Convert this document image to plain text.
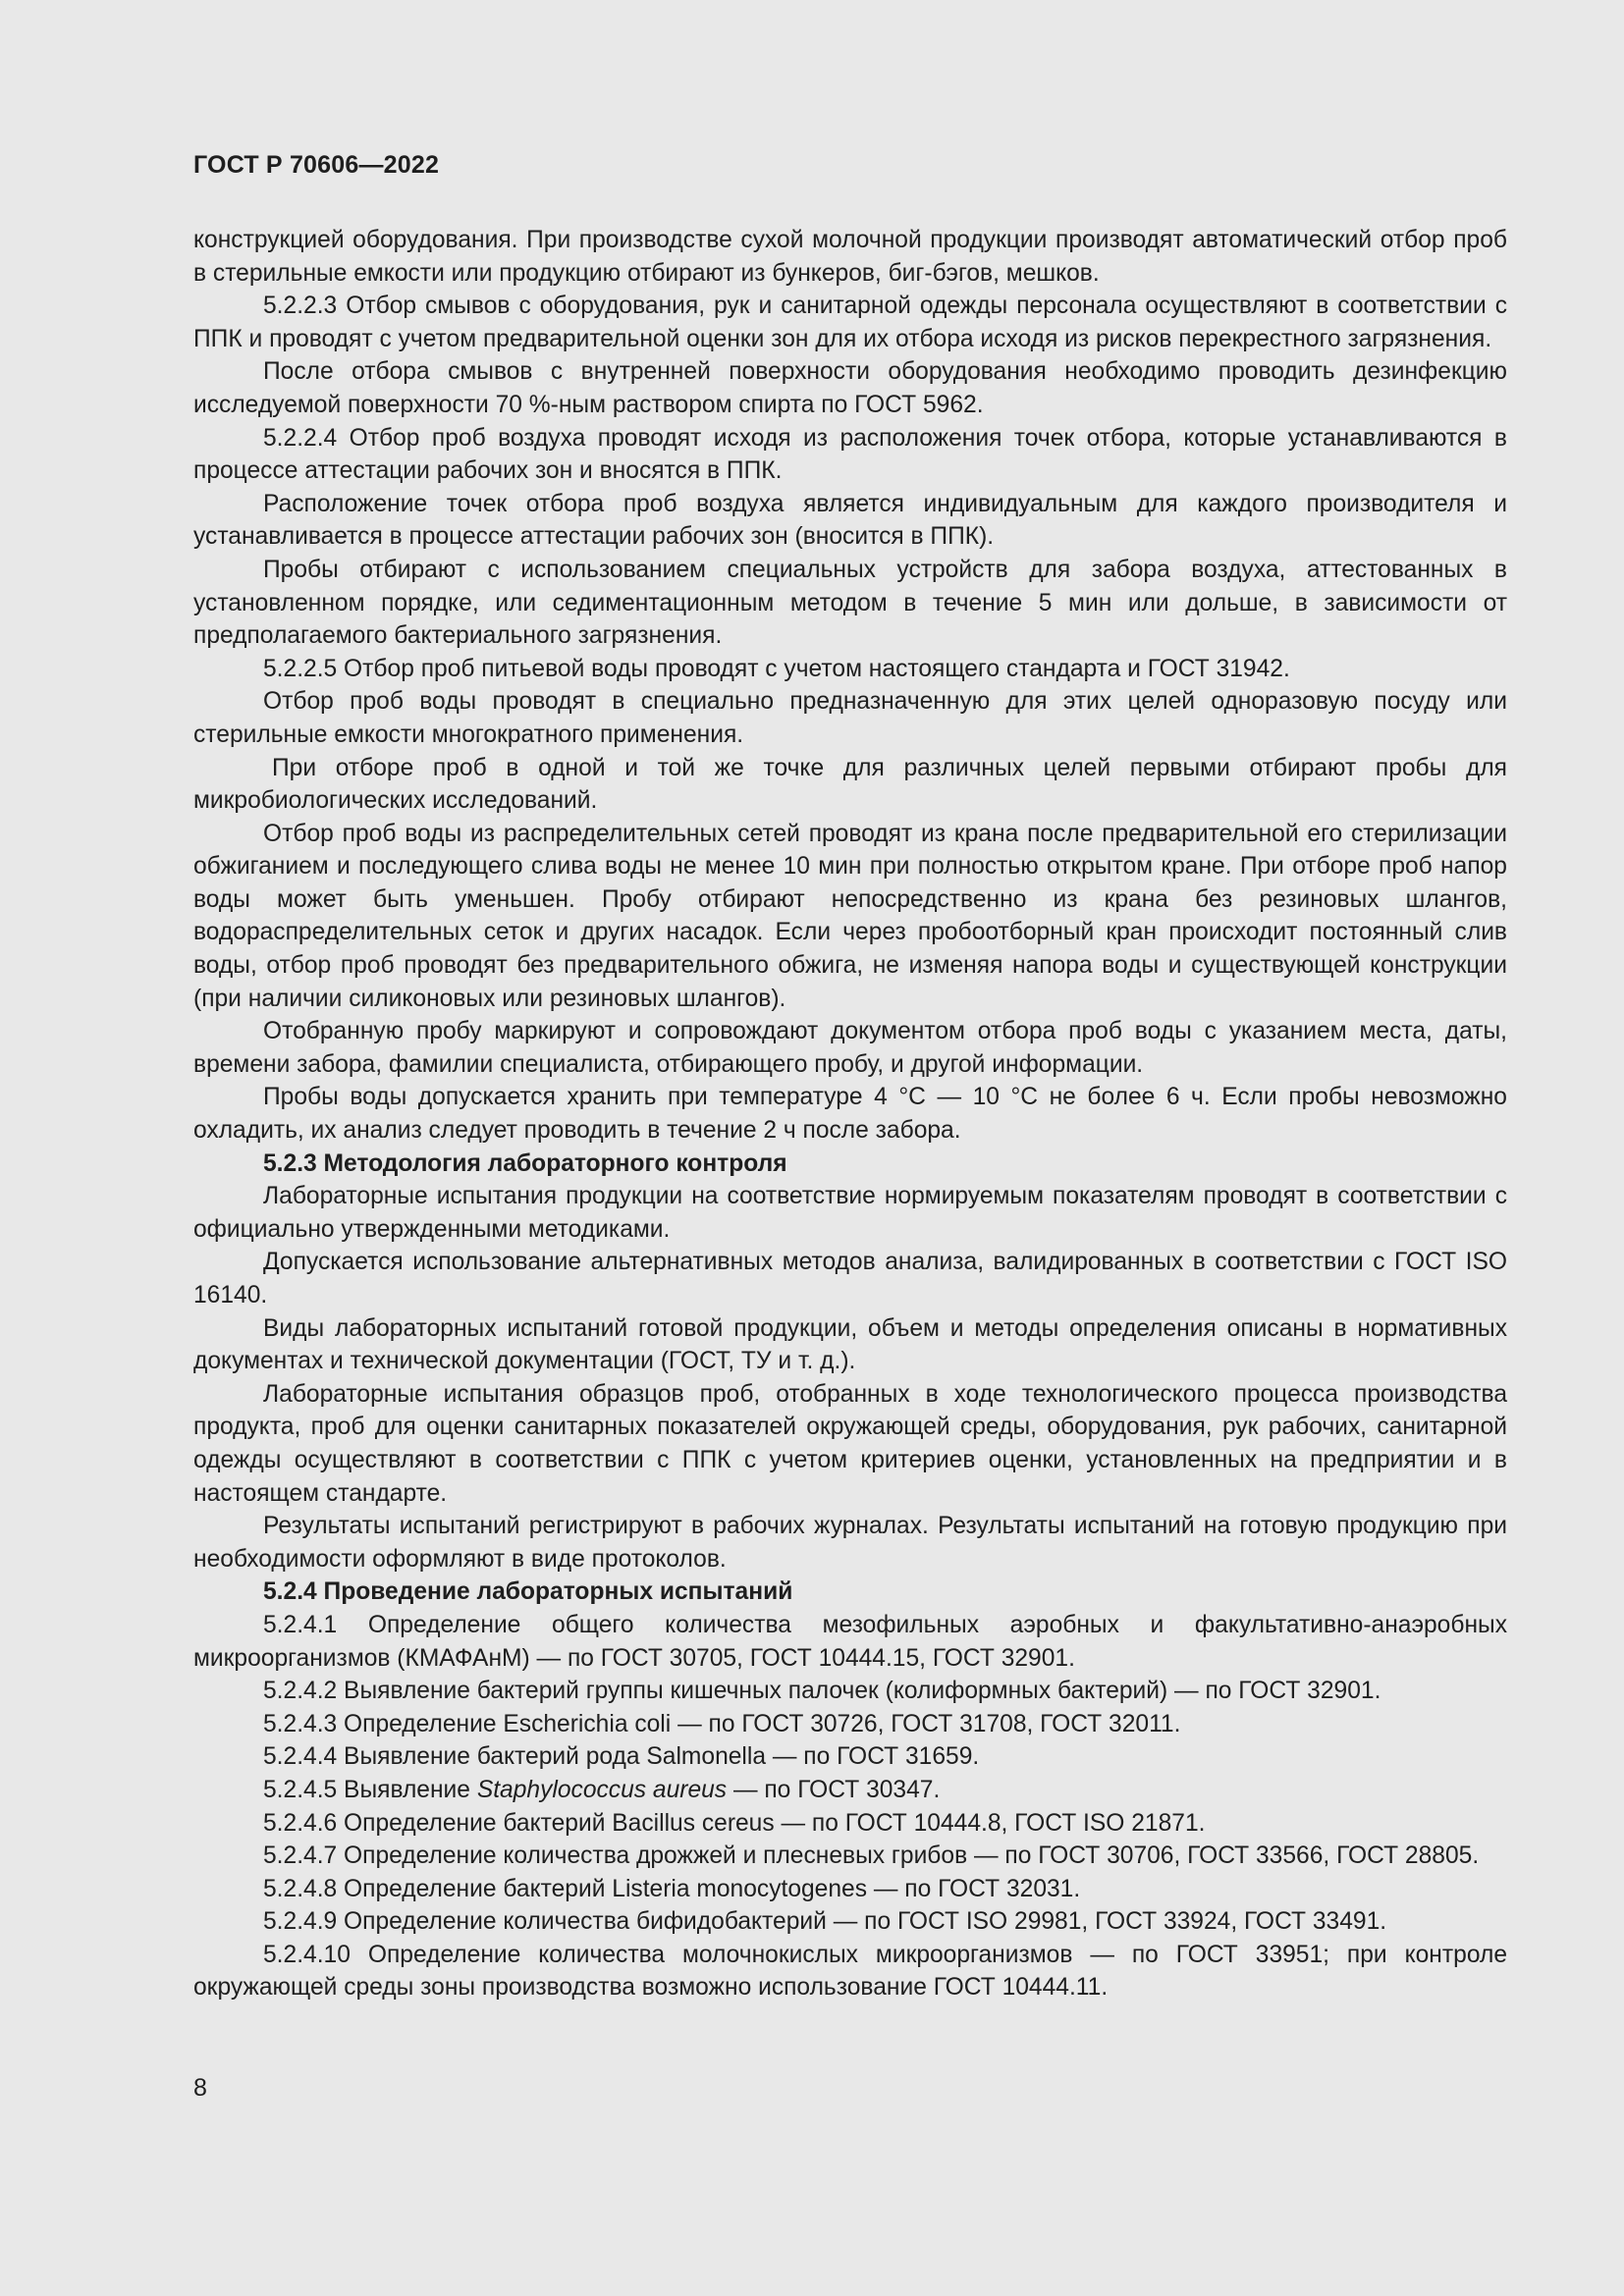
ГОСТ Р 70606—2022

конструкцией оборудования. При производстве сухой молочной продукции производят автоматический отбор проб в стерильные емкости или продукцию отбирают из бункеров, биг-бэгов, мешков.

5.2.2.3 Отбор смывов с оборудования, рук и санитарной одежды персонала осуществляют в соответствии с ППК и проводят с учетом предварительной оценки зон для их отбора исходя из рисков перекрестного загрязнения.

После отбора смывов с внутренней поверхности оборудования необходимо проводить дезинфекцию исследуемой поверхности 70 %-ным раствором спирта по ГОСТ 5962.

5.2.2.4 Отбор проб воздуха проводят исходя из расположения точек отбора, которые устанавливаются в процессе аттестации рабочих зон и вносятся в ППК.

Расположение точек отбора проб воздуха является индивидуальным для каждого производителя и устанавливается в процессе аттестации рабочих зон (вносится в ППК).

Пробы отбирают с использованием специальных устройств для забора воздуха, аттестованных в установленном порядке, или седиментационным методом в течение 5 мин или дольше, в зависимости от предполагаемого бактериального загрязнения.

5.2.2.5 Отбор проб питьевой воды проводят с учетом настоящего стандарта и ГОСТ 31942.

Отбор проб воды проводят в специально предназначенную для этих целей одноразовую посуду или стерильные емкости многократного применения.

При отборе проб в одной и той же точке для различных целей первыми отбирают пробы для микробиологических исследований.

Отбор проб воды из распределительных сетей проводят из крана после предварительной его стерилизации обжиганием и последующего слива воды не менее 10 мин при полностью открытом кране. При отборе проб напор воды может быть уменьшен. Пробу отбирают непосредственно из крана без резиновых шлангов, водораспределительных сеток и других насадок. Если через пробоотборный кран происходит постоянный слив воды, отбор проб проводят без предварительного обжига, не изменяя напора воды и существующей конструкции (при наличии силиконовых или резиновых шлангов).

Отобранную пробу маркируют и сопровождают документом отбора проб воды с указанием места, даты, времени забора, фамилии специалиста, отбирающего пробу, и другой информации.

Пробы воды допускается хранить при температуре 4 °С — 10 °С не более 6 ч. Если пробы невозможно охладить, их анализ следует проводить в течение 2 ч после забора.

5.2.3 Методология лабораторного контроля

Лабораторные испытания продукции на соответствие нормируемым показателям проводят в соответствии с официально утвержденными методиками.

Допускается использование альтернативных методов анализа, валидированных в соответствии с ГОСТ ISO 16140.

Виды лабораторных испытаний готовой продукции, объем и методы определения описаны в нормативных документах и технической документации (ГОСТ, ТУ и т. д.).

Лабораторные испытания образцов проб, отобранных в ходе технологического процесса производства продукта, проб для оценки санитарных показателей окружающей среды, оборудования, рук рабочих, санитарной одежды осуществляют в соответствии с ППК с учетом критериев оценки, установленных на предприятии и в настоящем стандарте.

Результаты испытаний регистрируют в рабочих журналах. Результаты испытаний на готовую продукцию при необходимости оформляют в виде протоколов.

5.2.4 Проведение лабораторных испытаний

5.2.4.1 Определение общего количества мезофильных аэробных и факультативно-анаэробных микроорганизмов (КМАФАнМ) — по ГОСТ 30705, ГОСТ 10444.15, ГОСТ 32901.

5.2.4.2 Выявление бактерий группы кишечных палочек (колиформных бактерий) — по ГОСТ 32901.

5.2.4.3 Определение Escherichia coli — по ГОСТ 30726, ГОСТ 31708, ГОСТ 32011.

5.2.4.4 Выявление бактерий рода Salmonella — по ГОСТ 31659.

5.2.4.5 Выявление Staphylococcus aureus — по ГОСТ 30347.

5.2.4.6 Определение бактерий Bacillus cereus — по ГОСТ 10444.8, ГОСТ ISO 21871.

5.2.4.7 Определение количества дрожжей и плесневых грибов — по ГОСТ 30706, ГОСТ 33566, ГОСТ 28805.

5.2.4.8 Определение бактерий Listeria monocytogenes — по ГОСТ 32031.

5.2.4.9 Определение количества бифидобактерий — по ГОСТ ISO 29981, ГОСТ 33924, ГОСТ 33491.

5.2.4.10 Определение количества молочнокислых микроорганизмов — по ГОСТ 33951; при контроле окружающей среды зоны производства возможно использование ГОСТ 10444.11.

8
